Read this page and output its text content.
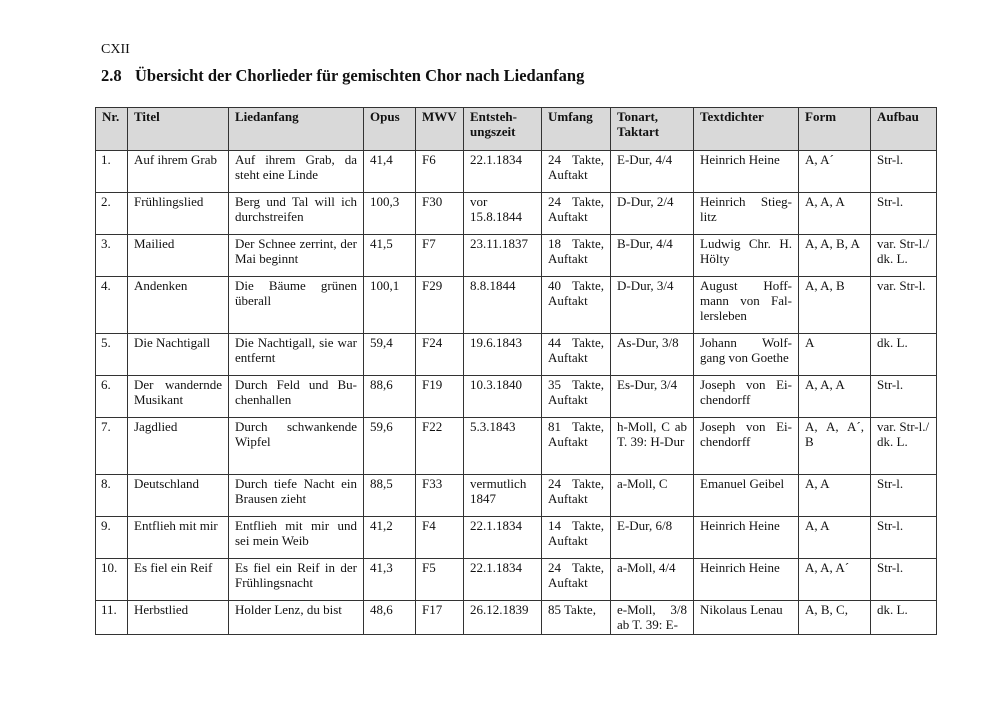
CXII
2.8 Übersicht der Chorlieder für gemischten Chor nach Liedanfang
Nr.	Titel	Liedanfang	Opus	MWV	Entsteh-ungszeit	Umfang	Tonart, Taktart	Textdichter	Form	Aufbau
1.	Auf ihrem Grab	Auf ihrem Grab, da steht eine Linde	41,4	F6	22.1.1834	24 Takte, Auftakt	E-Dur, 4/4	Heinrich Heine	A, A´	Str-l.
2.	Frühlingslied	Berg und Tal will ich durchstreifen	100,3	F30	vor 15.8.1844	24 Takte, Auftakt	D-Dur, 2/4	Heinrich Stieg-litz	A, A, A	Str-l.
3.	Mailied	Der Schnee zerrint, der Mai beginnt	41,5	F7	23.11.1837	18 Takte, Auftakt	B-Dur, 4/4	Ludwig Chr. H. Hölty	A, A, B, A	var. Str-l./ dk. L.
4.	Andenken	Die Bäume grünen überall	100,1	F29	8.8.1844	40 Takte, Auftakt	D-Dur, 3/4	August Hoff-mann von Fal-lersleben	A, A, B	var. Str-l.
5.	Die Nachtigall	Die Nachtigall, sie war entfernt	59,4	F24	19.6.1843	44 Takte, Auftakt	As-Dur, 3/8	Johann Wolf-gang von Goethe	A	dk. L.
6.	Der wandernde Musikant	Durch Feld und Bu-chenhallen	88,6	F19	10.3.1840	35 Takte, Auftakt	Es-Dur, 3/4	Joseph von Ei-chendorff	A, A, A	Str-l.
7.	Jagdlied	Durch schwankende Wipfel	59,6	F22	5.3.1843	81 Takte, Auftakt	h-Moll, C ab T. 39: H-Dur	Joseph von Ei-chendorff	A, A, A´, B	var. Str-l./ dk. L.
8.	Deutschland	Durch tiefe Nacht ein Brausen zieht	88,5	F33	vermutlich 1847	24 Takte, Auftakt	a-Moll, C	Emanuel Geibel	A, A	Str-l.
9.	Entflieh mit mir	Entflieh mit mir und sei mein Weib	41,2	F4	22.1.1834	14 Takte, Auftakt	E-Dur, 6/8	Heinrich Heine	A, A	Str-l.
10.	Es fiel ein Reif	Es fiel ein Reif in der Frühlingsnacht	41,3	F5	22.1.1834	24 Takte, Auftakt	a-Moll, 4/4	Heinrich Heine	A, A, A´	Str-l.
11.	Herbstlied	Holder Lenz, du bist	48,6	F17	26.12.1839	85 Takte,	e-Moll, 3/8 ab T. 39: E-	Nikolaus Lenau	A, B, C,	dk. L.
